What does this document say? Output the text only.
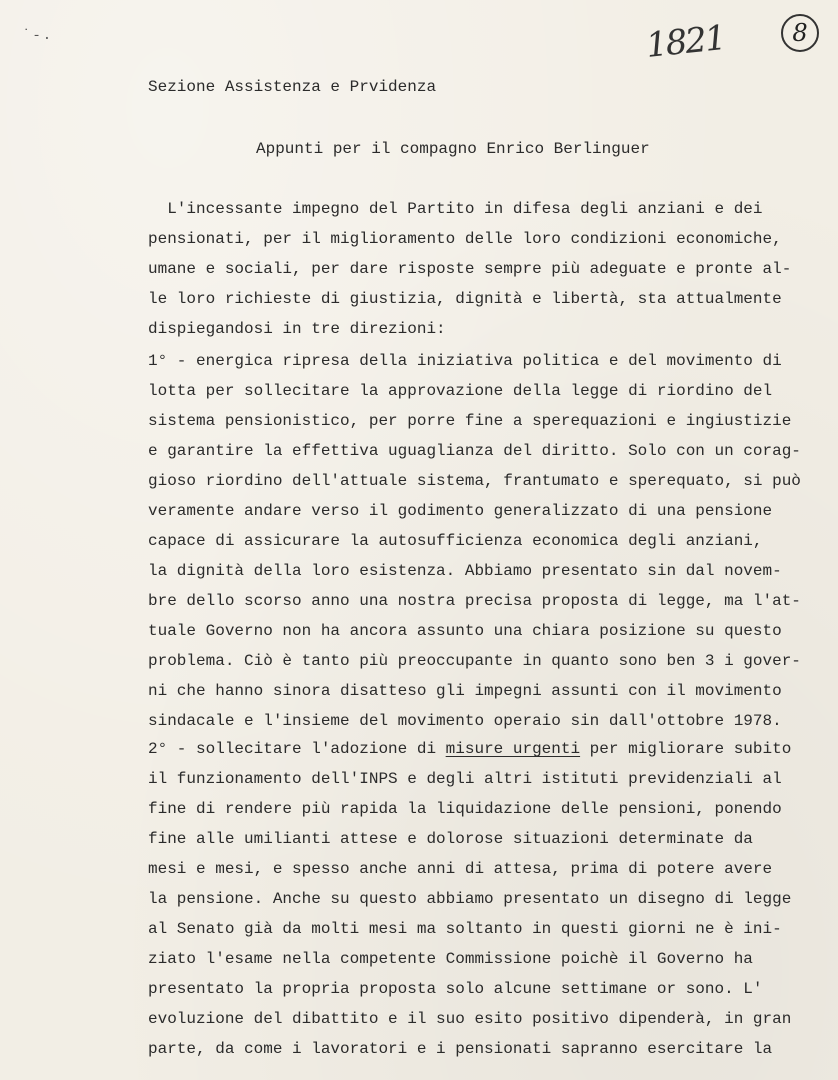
˙-.	1821	8
Sezione Assistenza e Prvidenza
Appunti per il compagno Enrico Berlinguer
L'incessante impegno del Partito in difesa degli anziani e dei
pensionati, per il miglioramento delle loro condizioni economiche,
umane e sociali, per dare risposte sempre più adeguate e pronte al-
le loro richieste di giustizia, dignità e libertà, sta attualmente
dispiegandosi in tre direzioni:
1° - energica ripresa della iniziativa politica e del movimento di
lotta per sollecitare la approvazione della legge di riordino del
sistema pensionistico, per porre fine a sperequazioni e ingiustizie
e garantire la effettiva uguaglianza del diritto. Solo con un corag-
gioso riordino dell'attuale sistema, frantumato e sperequato, si può
veramente andare verso il godimento generalizzato di una pensione
capace di assicurare la autosufficienza economica degli anziani,
la dignità della loro esistenza. Abbiamo presentato sin dal novem-
bre dello scorso anno una nostra precisa proposta di legge, ma l'at-
tuale Governo non ha ancora assunto una chiara posizione su questo
problema. Ciò è tanto più preoccupante in quanto sono ben 3 i gover-
ni che hanno sinora disatteso gli impegni assunti con il movimento
sindacale e l'insieme del movimento operaio sin dall'ottobre 1978.
2° - sollecitare l'adozione di misure urgenti per migliorare subito
il funzionamento dell'INPS e degli altri istituti previdenziali al
fine di rendere più rapida la liquidazione delle pensioni, ponendo
fine alle umilianti attese e dolorose situazioni determinate da
mesi e mesi, e spesso anche anni di attesa, prima di potere avere
la pensione. Anche su questo abbiamo presentato un disegno di legge
al Senato già da molti mesi ma soltanto in questi giorni ne è ini-
ziato l'esame nella competente Commissione poichè il Governo ha
presentato la propria proposta solo alcune settimane or sono. L'
evoluzione del dibattito e il suo esito positivo dipenderà, in gran
parte, da come i lavoratori e i pensionati sapranno esercitare la
